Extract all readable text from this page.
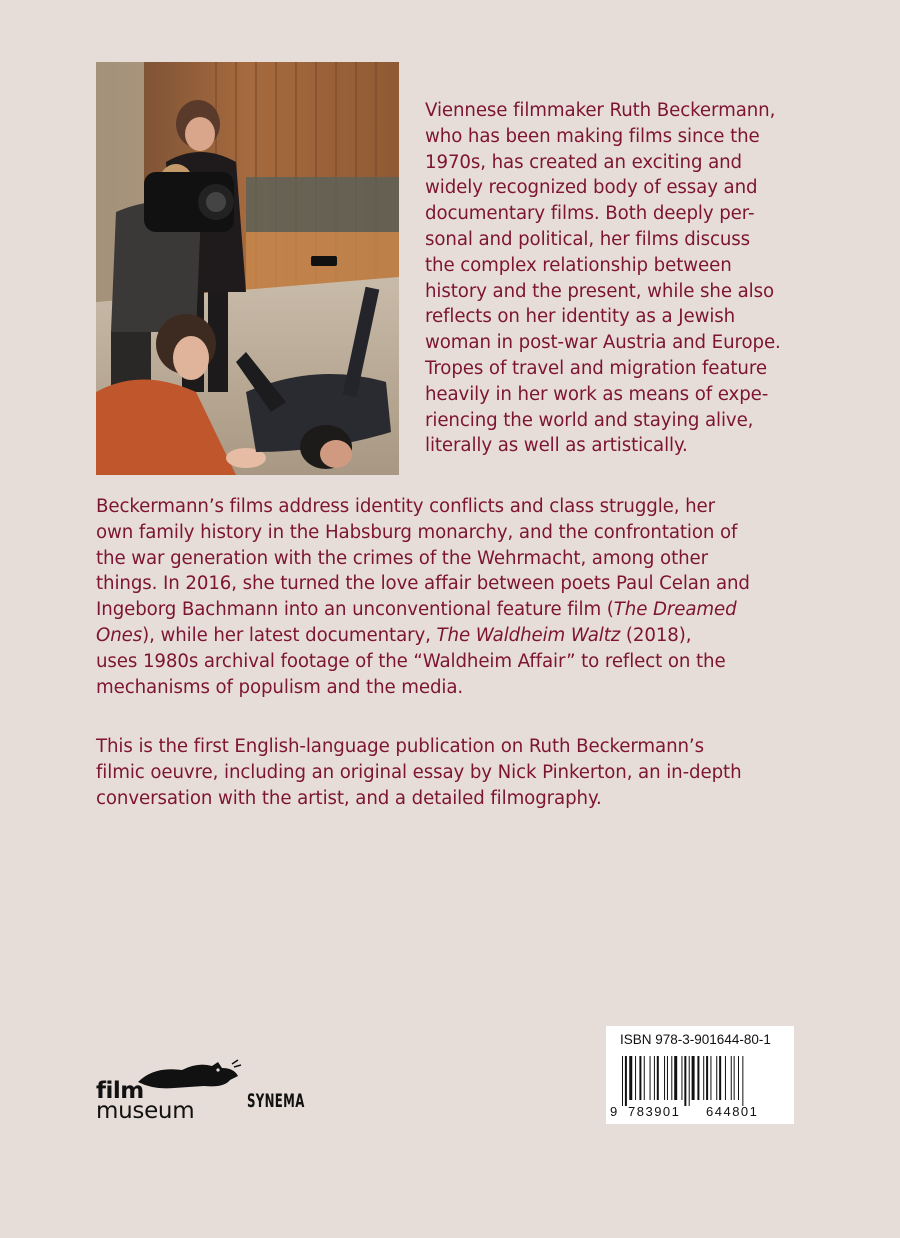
Viennese filmmaker Ruth Beckermann,
who has been making films since the
1970s, has created an exciting and
widely recognized body of essay and
documentary films. Both deeply per-
sonal and political, her films discuss
the complex relationship between
history and the present, while she also
reflects on her identity as a Jewish
woman in post-war Austria and Europe.
Tropes of travel and migration feature
heavily in her work as means of expe-
riencing the world and staying alive,
literally as well as artistically.
Beckermann’s films address identity conflicts and class struggle, her
own family history in the Habsburg monarchy, and the confrontation of
the war generation with the crimes of the Wehrmacht, among other
things. In 2016, she turned the love affair between poets Paul Celan and
Ingeborg Bachmann into an unconventional feature film (The Dreamed
Ones), while her latest documentary, The Waldheim Waltz (2018),
uses 1980s archival footage of the “Waldheim Affair” to reflect on the
mechanisms of populism and the media.
This is the first English-language publication on Ruth Beckermann’s
filmic oeuvre, including an original essay by Nick Pinkerton, an in-depth
conversation with the artist, and a detailed filmography.
film
museum	SYNEMA
ISBN 978-3-901644-80-1
9 783901 644801
